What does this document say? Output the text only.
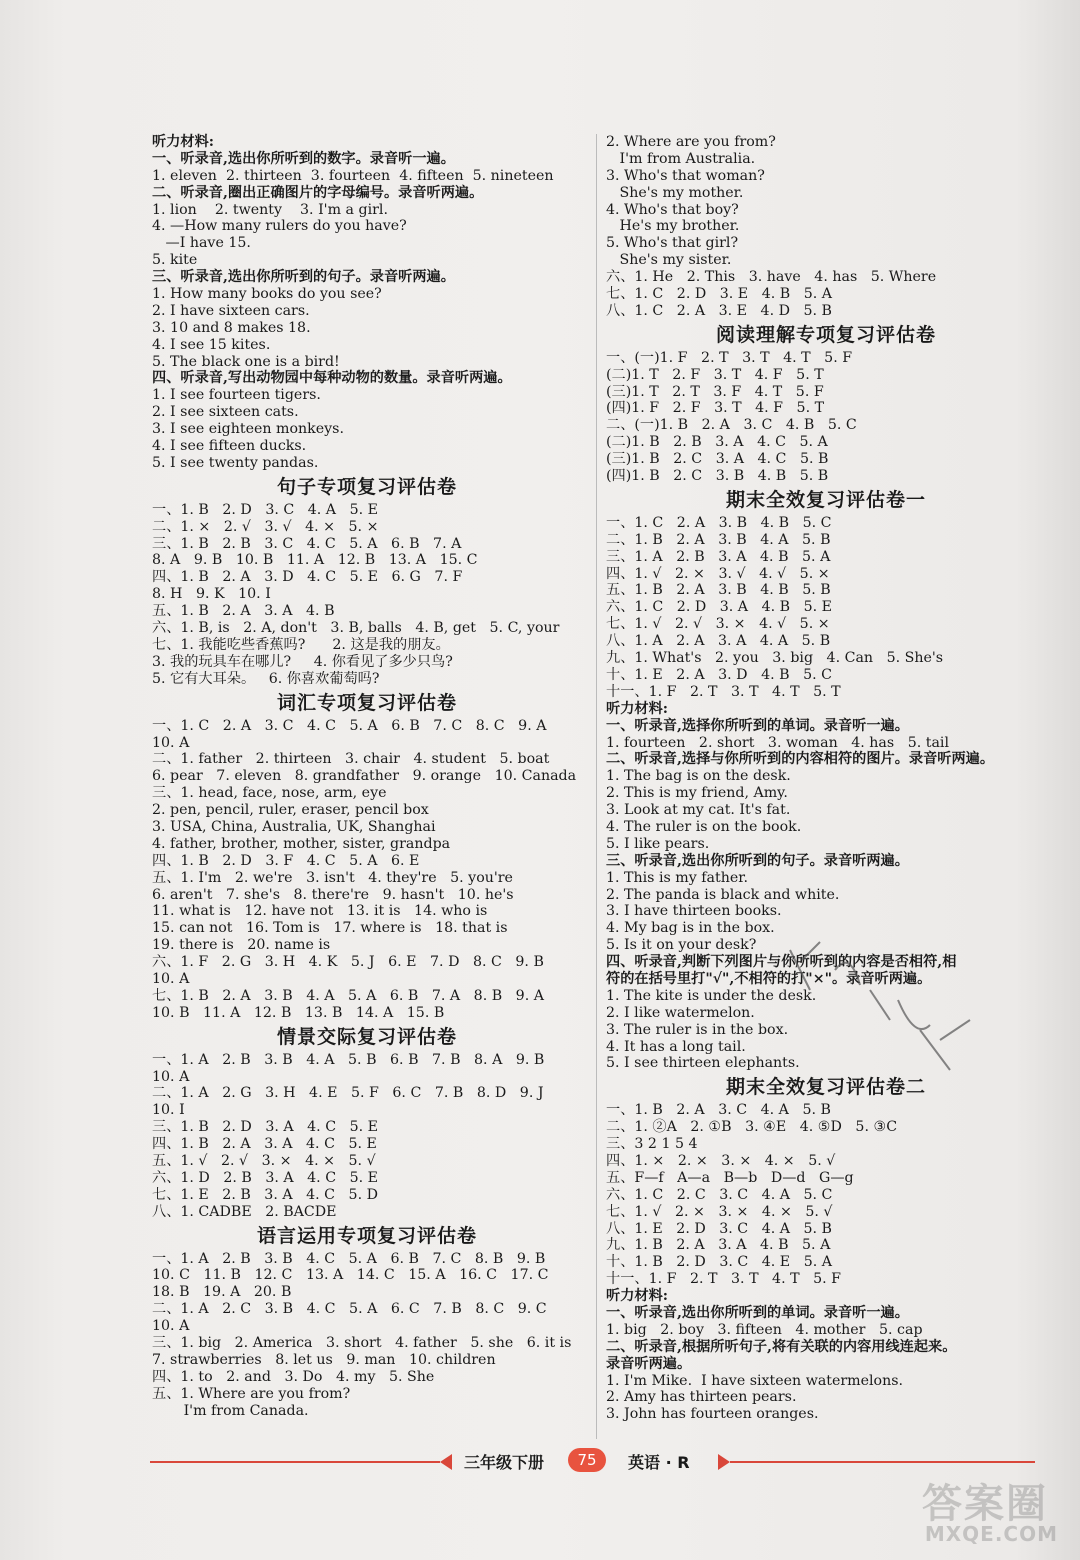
听力材料:
一、听录音,选出你所听到的数字。录音听一遍。
1. eleven  2. thirteen  3. fourteen  4. fifteen  5. nineteen
二、听录音,圈出正确图片的字母编号。录音听两遍。
1. lion    2. twenty    3. I'm a girl.
4. —How many rulers do you have?
—I have 15.
5. kite
三、听录音,选出你所听到的句子。录音听两遍。
1. How many books do you see?
2. I have sixteen cars.
3. 10 and 8 makes 18.
4. I see 15 kites.
5. The black one is a bird!
四、听录音,写出动物园中每种动物的数量。录音听两遍。
1. I see fourteen tigers.
2. I see sixteen cats.
3. I see eighteen monkeys.
4. I see fifteen ducks.
5. I see twenty pandas.
句子专项复习评估卷
一、1. B   2. D   3. C   4. A   5. E
二、1. ×   2. √   3. √   4. ×   5. ×
三、1. B   2. B   3. C   4. C   5. A   6. B   7. A
8. A   9. B   10. B   11. A   12. B   13. A   15. C
四、1. B   2. A   3. D   4. C   5. E   6. G   7. F
8. H   9. K   10. I
五、1. B   2. A   3. A   4. B
六、1. B, is   2. A, don't   3. B, balls   4. B, get   5. C, your
七、1. 我能吃些香蕉吗?      2. 这是我的朋友。
3. 我的玩具车在哪儿?     4. 你看见了多少只鸟?
5. 它有大耳朵。   6. 你喜欢葡萄吗?
词汇专项复习评估卷
一、1. C   2. A   3. C   4. C   5. A   6. B   7. C   8. C   9. A
10. A
二、1. father   2. thirteen   3. chair   4. student   5. boat
6. pear   7. eleven   8. grandfather   9. orange   10. Canada
三、1. head, face, nose, arm, eye
2. pen, pencil, ruler, eraser, pencil box
3. USA, China, Australia, UK, Shanghai
4. father, brother, mother, sister, grandpa
四、1. B   2. D   3. F   4. C   5. A   6. E
五、1. I'm   2. we're   3. isn't   4. they're   5. you're
6. aren't   7. she's   8. there're   9. hasn't   10. he's
11. what is   12. have not   13. it is   14. who is
15. can not   16. Tom is   17. where is   18. that is
19. there is   20. name is
六、1. F   2. G   3. H   4. K   5. J   6. E   7. D   8. C   9. B
10. A
七、1. B   2. A   3. B   4. A   5. A   6. B   7. A   8. B   9. A
10. B   11. A   12. B   13. B   14. A   15. B
情景交际复习评估卷
一、1. A   2. B   3. B   4. A   5. B   6. B   7. B   8. A   9. B
10. A
二、1. A   2. G   3. H   4. E   5. F   6. C   7. B   8. D   9. J
10. I
三、1. B   2. D   3. A   4. C   5. E
四、1. B   2. A   3. A   4. C   5. E
五、1. √   2. √   3. ×   4. ×   5. √
六、1. D   2. B   3. A   4. C   5. E
七、1. E   2. B   3. A   4. C   5. D
八、1. CADBE   2. BACDE
语言运用专项复习评估卷
一、1. A   2. B   3. B   4. C   5. A   6. B   7. C   8. B   9. B
10. C   11. B   12. C   13. A   14. C   15. A   16. C   17. C
18. B   19. A   20. B
二、1. A   2. C   3. B   4. C   5. A   6. C   7. B   8. C   9. C
10. A
三、1. big   2. America   3. short   4. father   5. she   6. it is
7. strawberries   8. let us   9. man   10. children
四、1. to   2. and   3. Do   4. my   5. She
五、1. Where are you from?
I'm from Canada.
2. Where are you from?
I'm from Australia.
3. Who's that woman?
She's my mother.
4. Who's that boy?
He's my brother.
5. Who's that girl?
She's my sister.
六、1. He   2. This   3. have   4. has   5. Where
七、1. C   2. D   3. E   4. B   5. A
八、1. C   2. A   3. E   4. D   5. B
阅读理解专项复习评估卷
一、(一)1. F   2. T   3. T   4. T   5. F
(二)1. T   2. F   3. T   4. F   5. T
(三)1. T   2. T   3. F   4. T   5. F
(四)1. F   2. F   3. T   4. F   5. T
二、(一)1. B   2. A   3. C   4. B   5. C
(二)1. B   2. B   3. A   4. C   5. A
(三)1. B   2. C   3. A   4. C   5. B
(四)1. B   2. C   3. B   4. B   5. B
期末全效复习评估卷一
一、1. C   2. A   3. B   4. B   5. C
二、1. B   2. A   3. B   4. A   5. B
三、1. A   2. B   3. A   4. B   5. A
四、1. √   2. ×   3. √   4. √   5. ×
五、1. B   2. A   3. B   4. B   5. B
六、1. C   2. D   3. A   4. B   5. E
七、1. √   2. √   3. ×   4. √   5. ×
八、1. A   2. A   3. A   4. A   5. B
九、1. What's   2. you   3. big   4. Can   5. She's
十、1. E   2. A   3. D   4. B   5. C
十一、1. F   2. T   3. T   4. T   5. T
听力材料:
一、听录音,选择你所听到的单词。录音听一遍。
1. fourteen   2. short   3. woman   4. has   5. tail
二、听录音,选择与你所听到的内容相符的图片。录音听两遍。
1. The bag is on the desk.
2. This is my friend, Amy.
3. Look at my cat. It's fat.
4. The ruler is on the book.
5. I like pears.
三、听录音,选出你所听到的句子。录音听两遍。
1. This is my father.
2. The panda is black and white.
3. I have thirteen books.
4. My bag is in the box.
5. Is it on your desk?
四、听录音,判断下列图片与你所听到的内容是否相符,相
符的在括号里打"√",不相符的打"×"。录音听两遍。
1. The kite is under the desk.
2. I like watermelon.
3. The ruler is in the box.
4. It has a long tail.
5. I see thirteen elephants.
期末全效复习评估卷二
一、1. B   2. A   3. C   4. A   5. B
二、1. ②A   2. ①B   3. ④E   4. ⑤D   5. ③C
三、3 2 1 5 4
四、1. ×   2. ×   3. ×   4. ×   5. √
五、F—f   A—a   B—b   D—d   G—g
六、1. C   2. C   3. C   4. A   5. C
七、1. √   2. ×   3. ×   4. ×   5. √
八、1. E   2. D   3. C   4. A   5. B
九、1. B   2. A   3. A   4. B   5. A
十、1. B   2. D   3. C   4. E   5. A
十一、1. F   2. T   3. T   4. T   5. F
听力材料:
一、听录音,选出你所听到的单词。录音听一遍。
1. big   2. boy   3. fifteen   4. mother   5. cap
二、听录音,根据所听句子,将有关联的内容用线连起来。
录音听两遍。
1. I'm Mike.  I have sixteen watermelons.
2. Amy has thirteen pears.
3. John has fourteen oranges.
三年级下册	75	英语 · R
答案圈
MXQE.COM
